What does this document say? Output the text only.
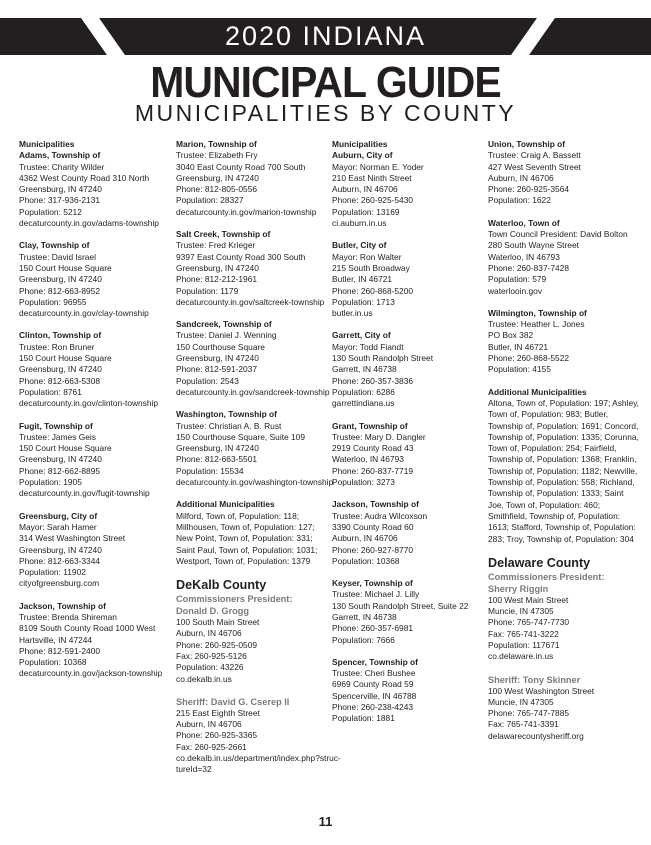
2020 INDIANA
MUNICIPAL GUIDE
MUNICIPALITIES BY COUNTY
Municipalities
Adams, Township of
Trustee: Charity Wilder
4362 West County Road 310 North
Greensburg, IN 47240
Phone: 317-936-2131
Population: 5212
decaturcounty.in.gov/adams-township
Clay, Township of
Trustee: David Israel
150 Court House Square
Greensburg, IN 47240
Phone: 812-663-8952
Population: 96955
decaturcounty.in.gov/clay-township
Clinton, Township of
Trustee: Ron Bruner
150 Court House Square
Greensburg, IN 47240
Phone: 812-663-5308
Population: 8761
decaturcounty.in.gov/clinton-township
Fugit, Township of
Trustee: James Geis
150 Court House Square
Greensburg, IN 47240
Phone: 812-662-8895
Population: 1905
decaturcounty.in.gov/fugit-township
Greensburg, City of
Mayor: Sarah Hamer
314 West Washington Street
Greensburg, IN 47240
Phone: 812-663-3344
Population: 11902
cityofgreensburg.com
Jackson, Township of
Trustee: Brenda Shireman
8109 South County Road 1000 West
Hartsville, IN 47244
Phone: 812-591-2400
Population: 10368
decaturcounty.in.gov/jackson-township
Marion, Township of
Trustee: Elizabeth Fry
3040 East County Road 700 South
Greensburg, IN 47240
Phone: 812-805-0556
Population: 28327
decaturcounty.in.gov/marion-township
Salt Creek, Township of
Trustee: Fred Krieger
9397 East County Road 300 South
Greensburg, IN 47240
Phone: 812-212-1961
Population: 1179
decaturcounty.in.gov/saltcreek-township
Sandcreek, Township of
Trustee: Daniel J. Wenning
150 Courthouse Square
Greensburg, IN 47240
Phone: 812-591-2037
Population: 2543
decaturcounty.in.gov/sandcreek-township
Washington, Township of
Trustee: Christian A. B. Rust
150 Courthouse Square, Suite 109
Greensburg, IN 47240
Phone: 812-663-5501
Population: 15534
decaturcounty.in.gov/washington-township
Additional Municipalities
Milford, Town of, Population: 118; Millhousen, Town of, Population: 127; New Point, Town of, Population: 331; Saint Paul, Town of, Population: 1031; Westport, Town of, Population: 1379
DeKalb County
Commissioners President:
Donald D. Grogg
100 South Main Street
Auburn, IN 46706
Phone: 260-925-0509
Fax: 260-925-5126
Population: 43226
co.dekalb.in.us
Sheriff: David G. Cserep II
215 East Eighth Street
Auburn, IN 46706
Phone: 260-925-3365
Fax: 260-925-2661
co.dekalb.in.us/department/index.php?struc-
tureId=32
Municipalities
Auburn, City of
Mayor: Norman E. Yoder
210 East Ninth Street
Auburn, IN 46706
Phone: 260-925-5430
Population: 13169
ci.auburn.in.us
Butler, City of
Mayor: Ron Walter
215 South Broadway
Butler, IN 46721
Phone: 260-868-5200
Population: 1713
butler.in.us
Garrett, City of
Mayor: Todd Fiandt
130 South Randolph Street
Garrett, IN 46738
Phone: 260-357-3836
Population: 6286
garrettindiana.us
Grant, Township of
Trustee: Mary D. Dangler
2919 County Road 43
Waterloo, IN 46793
Phone: 260-837-7719
Population: 3273
Jackson, Township of
Trustee: Audra Wilcoxson
3390 County Road 60
Auburn, IN 46706
Phone: 260-927-8770
Population: 10368
Keyser, Township of
Trustee: Michael J. Lilly
130 South Randolph Street, Suite 22
Garrett, IN 46738
Phone: 260-357-6981
Population: 7666
Spencer, Township of
Trustee: Cheri Bushee
6969 County Road 59
Spencerville, IN 46788
Phone: 260-238-4243
Population: 1881
Union, Township of
Trustee: Craig A. Bassett
427 West Seventh Street
Auburn, IN 46706
Phone: 260-925-3564
Population: 1622
Waterloo, Town of
Town Council President: David Bolton
280 South Wayne Street
Waterloo, IN 46793
Phone: 260-837-7428
Population: 579
waterlooin.gov
Wilmington, Township of
Trustee: Heather L. Jones
PO Box 382
Butler, IN 46721
Phone: 260-868-5522
Population: 4155
Additional Municipalities
Altona, Town of, Population: 197; Ashley, Town of, Population: 983; Butler, Township of, Population: 1691; Concord, Township of, Population: 1335; Corunna, Town of, Population: 254; Fairfield, Township of, Population: 1368; Franklin, Township of, Population: 1182; Newville, Township of, Population: 558; Richland, Township of, Population: 1333; Saint Joe, Town of, Population: 460; Smithfield, Township of, Population: 1613; Stafford, Township of, Population: 283; Troy, Township of, Population: 304
Delaware County
Commissioners President:
Sherry Riggin
100 West Main Street
Muncie, IN 47305
Phone: 765-747-7730
Fax: 765-741-3222
Population: 117671
co.delaware.in.us
Sheriff: Tony Skinner
100 West Washington Street
Muncie, IN 47305
Phone: 765-747-7885
Fax: 765-741-3391
delawarecountysheriff.org
11
